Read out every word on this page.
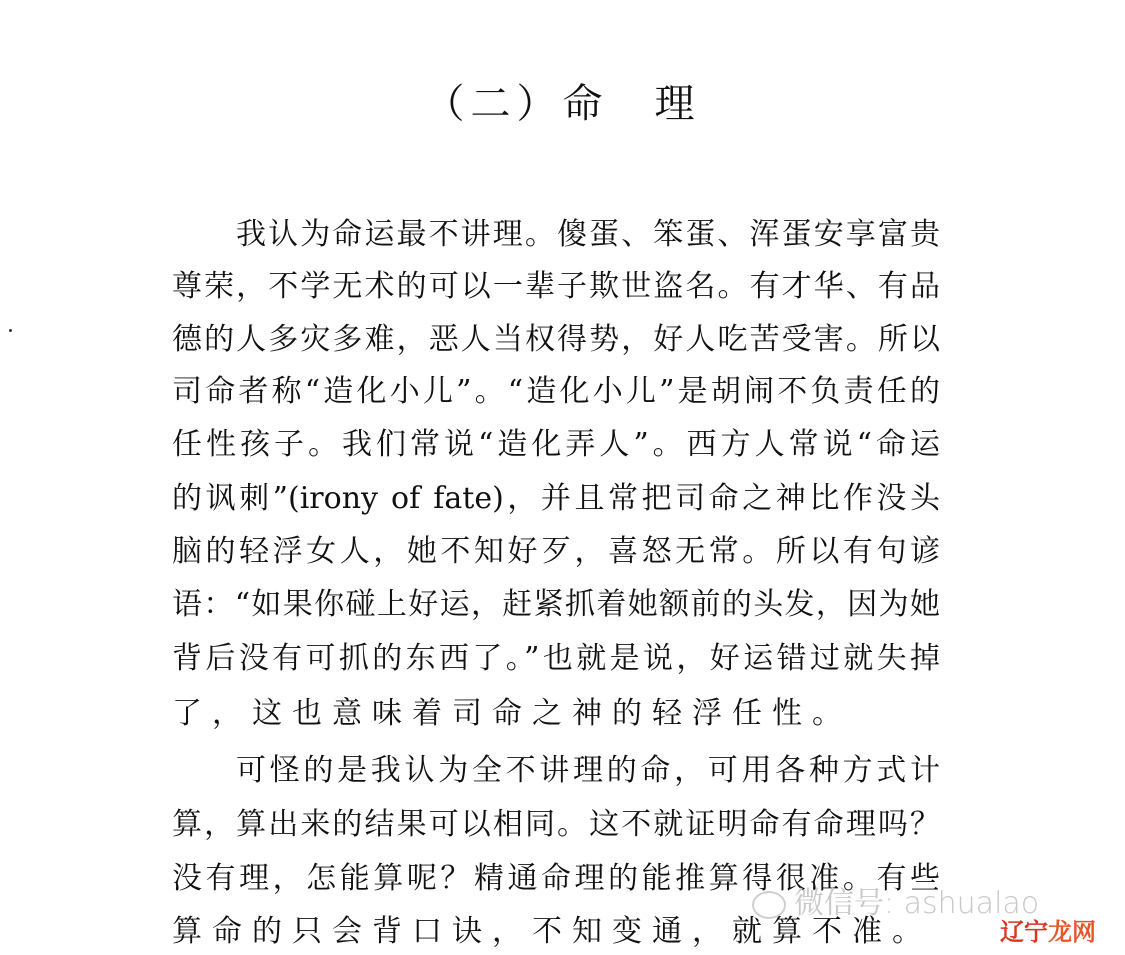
（二）命　理
我认为命运最不讲理。傻蛋、笨蛋、浑蛋安享富贵
尊荣，不学无术的可以一辈子欺世盗名。有才华、有品
德的人多灾多难，恶人当权得势，好人吃苦受害。所以
司命者称“造化小儿”。“造化小儿”是胡闹不负责任的
任性孩子。我们常说“造化弄人”。西方人常说“命运
的讽刺”(irony of fate)，并且常把司命之神比作没头
脑的轻浮女人，她不知好歹，喜怒无常。所以有句谚
语：“如果你碰上好运，赶紧抓着她额前的头发，因为她
背后没有可抓的东西了。”也就是说，好运错过就失掉
了，这也意味着司命之神的轻浮任性。
可怪的是我认为全不讲理的命，可用各种方式计
算，算出来的结果可以相同。这不就证明命有命理吗？
没有理，怎能算呢？精通命理的能推算得很准。有些
算命的只会背口诀，不知变通，就算不准。
微信号: ashualao
辽宁龙网
